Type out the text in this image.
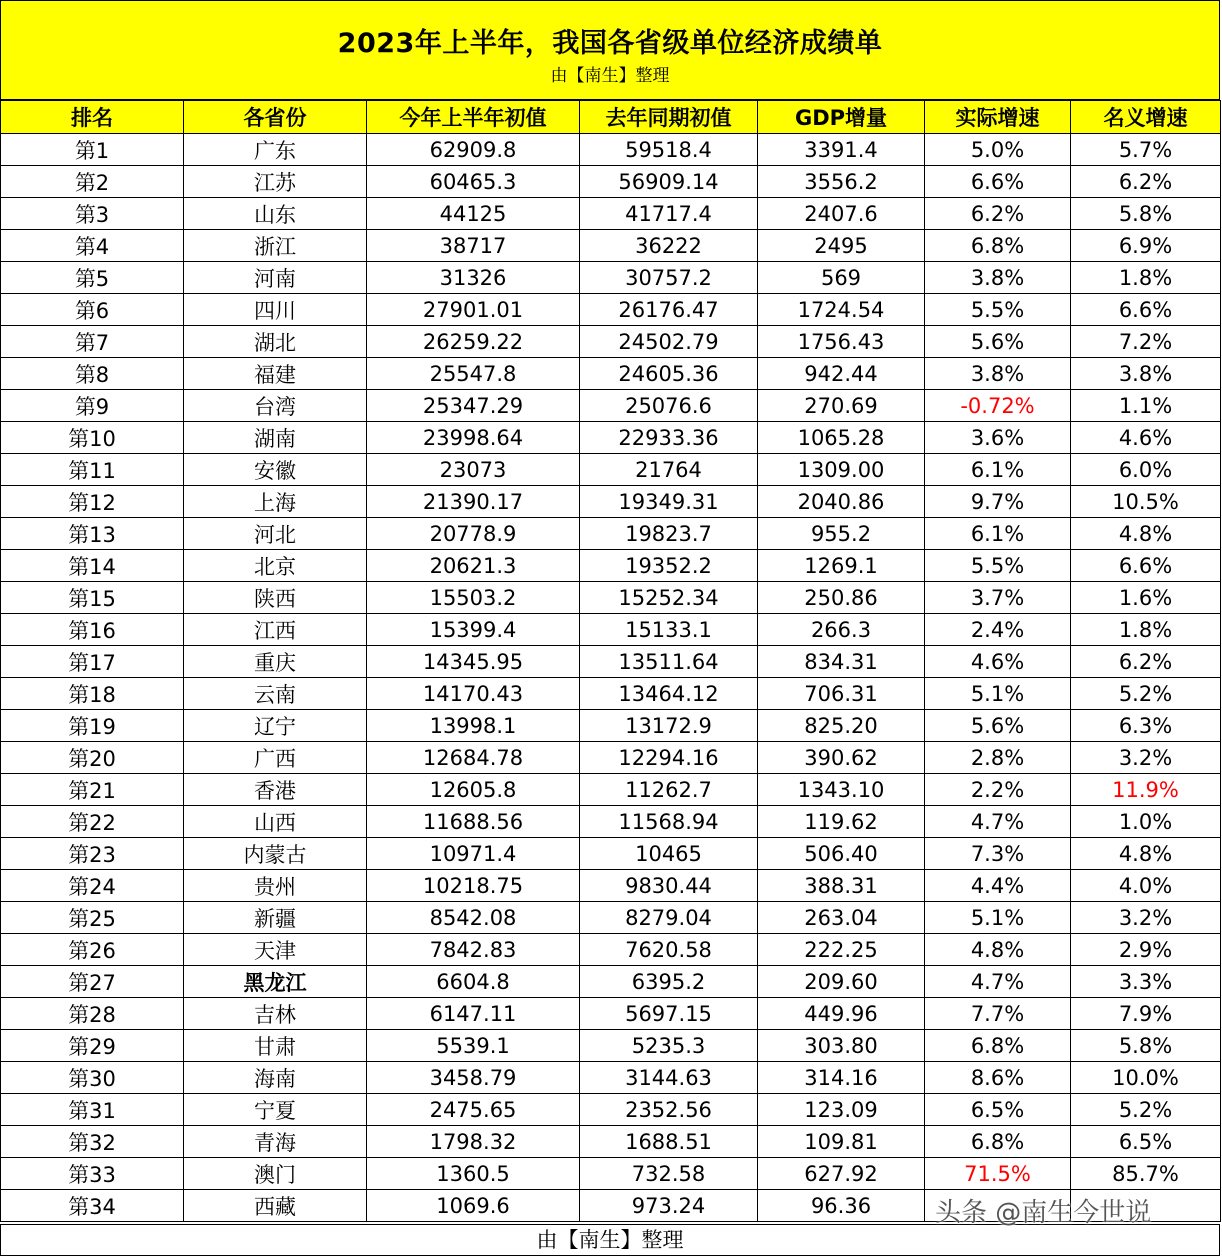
2023年上半年，我国各省级单位经济成绩单
由【南生】整理
排名	各省份	今年上半年初值	去年同期初值	GDP增量	实际增速	名义增速
第1	广东	62909.8	59518.4	3391.4	5.0%	5.7%
第2	江苏	60465.3	56909.14	3556.2	6.6%	6.2%
第3	山东	44125	41717.4	2407.6	6.2%	5.8%
第4	浙江	38717	36222	2495	6.8%	6.9%
第5	河南	31326	30757.2	569	3.8%	1.8%
第6	四川	27901.01	26176.47	1724.54	5.5%	6.6%
第7	湖北	26259.22	24502.79	1756.43	5.6%	7.2%
第8	福建	25547.8	24605.36	942.44	3.8%	3.8%
第9	台湾	25347.29	25076.6	270.69	-0.72%	1.1%
第10	湖南	23998.64	22933.36	1065.28	3.6%	4.6%
第11	安徽	23073	21764	1309.00	6.1%	6.0%
第12	上海	21390.17	19349.31	2040.86	9.7%	10.5%
第13	河北	20778.9	19823.7	955.2	6.1%	4.8%
第14	北京	20621.3	19352.2	1269.1	5.5%	6.6%
第15	陕西	15503.2	15252.34	250.86	3.7%	1.6%
第16	江西	15399.4	15133.1	266.3	2.4%	1.8%
第17	重庆	14345.95	13511.64	834.31	4.6%	6.2%
第18	云南	14170.43	13464.12	706.31	5.1%	5.2%
第19	辽宁	13998.1	13172.9	825.20	5.6%	6.3%
第20	广西	12684.78	12294.16	390.62	2.8%	3.2%
第21	香港	12605.8	11262.7	1343.10	2.2%	11.9%
第22	山西	11688.56	11568.94	119.62	4.7%	1.0%
第23	内蒙古	10971.4	10465	506.40	7.3%	4.8%
第24	贵州	10218.75	9830.44	388.31	4.4%	4.0%
第25	新疆	8542.08	8279.04	263.04	5.1%	3.2%
第26	天津	7842.83	7620.58	222.25	4.8%	2.9%
第27	黑龙江	6604.8	6395.2	209.60	4.7%	3.3%
第28	吉林	6147.11	5697.15	449.96	7.7%	7.9%
第29	甘肃	5539.1	5235.3	303.80	6.8%	5.8%
第30	海南	3458.79	3144.63	314.16	8.6%	10.0%
第31	宁夏	2475.65	2352.56	123.09	6.5%	5.2%
第32	青海	1798.32	1688.51	109.81	6.8%	6.5%
第33	澳门	1360.5	732.58	627.92	71.5%	85.7%
第34	西藏	1069.6	973.24	96.36		
由【南生】整理
头条 @南生今世说
